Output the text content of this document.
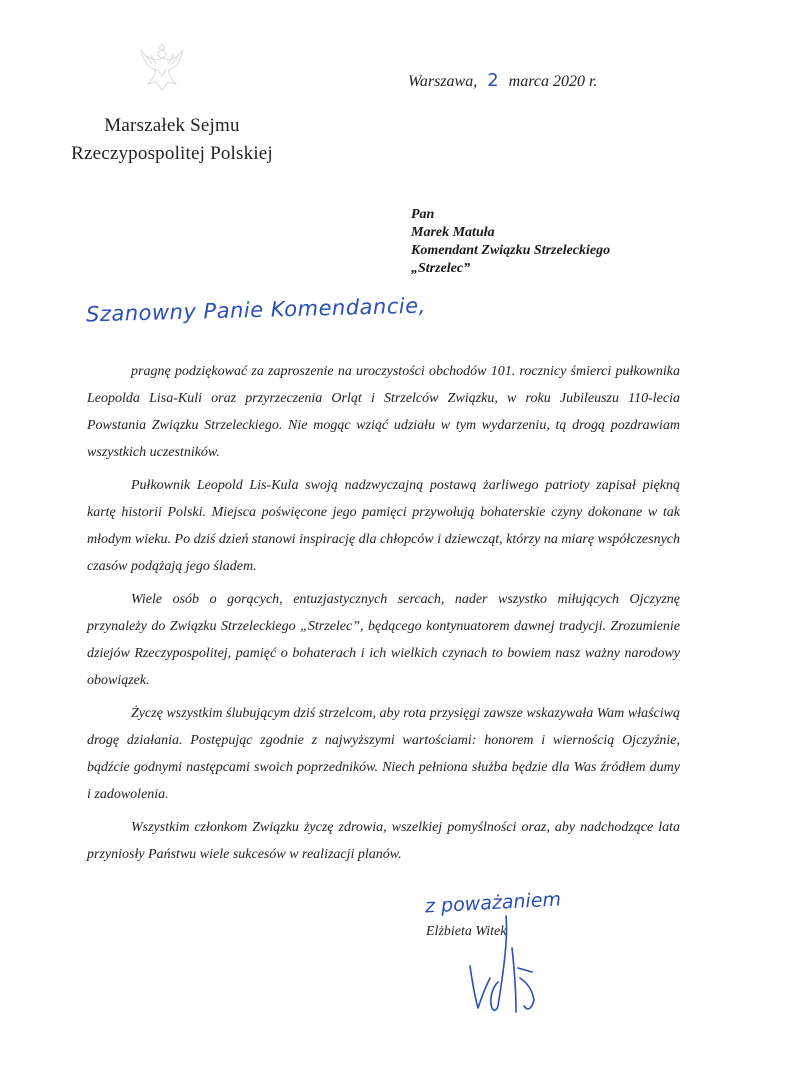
Marszałek Sejmu
Rzeczypospolitej Polskiej
Warszawa, 2 marca 2020 r.
Pan
Marek Matuła
Komendant Związku Strzeleckiego
„Strzelec”
Szanowny Panie Komendancie,

pragnę podziękować za zaproszenie na uroczystości obchodów 101. rocznicy śmierci pułkownika Leopolda Lisa-Kuli oraz przyrzeczenia Orląt i Strzelców Związku, w roku Jubileuszu 110-lecia Powstania Związku Strzeleckiego. Nie mogąc wziąć udziału w tym wydarzeniu, tą drogą pozdrawiam wszystkich uczestników.

Pułkownik Leopold Lis-Kula swoją nadzwyczajną postawą żarliwego patrioty zapisał piękną kartę historii Polski. Miejsca poświęcone jego pamięci przywołują bohaterskie czyny dokonane w tak młodym wieku. Po dziś dzień stanowi inspirację dla chłopców i dziewcząt, którzy na miarę współczesnych czasów podążają jego śladem.

Wiele osób o gorących, entuzjastycznych sercach, nader wszystko miłujących Ojczyznę przynależy do Związku Strzeleckiego „Strzelec”, będącego kontynuatorem dawnej tradycji. Zrozumienie dziejów Rzeczypospolitej, pamięć o bohaterach i ich wielkich czynach to bowiem nasz ważny narodowy obowiązek.

Życzę wszystkim ślubującym dziś strzelcom, aby rota przysięgi zawsze wskazywała Wam właściwą drogę działania. Postępując zgodnie z najwyższymi wartościami: honorem i wiernością Ojczyźnie, bądźcie godnymi następcami swoich poprzedników. Niech pełniona służba będzie dla Was źródłem dumy i zadowolenia.

Wszystkim członkom Związku życzę zdrowia, wszelkiej pomyślności oraz, aby nadchodzące lata przyniosły Państwu wiele sukcesów w realizacji planów.

z poważaniem
Elżbieta Witek
